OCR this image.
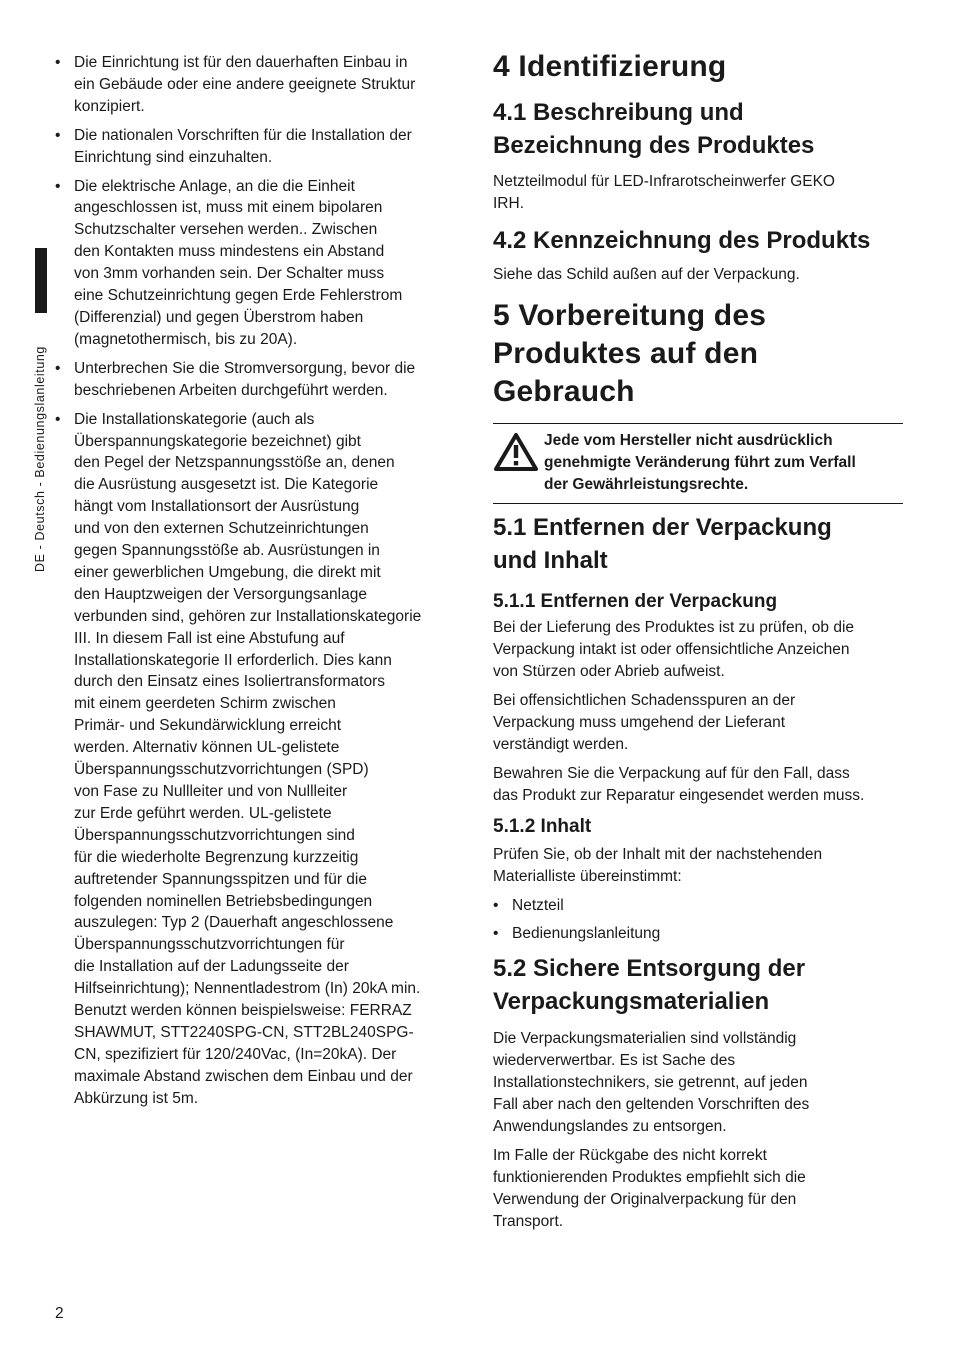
DE - Deutsch - Bedienungslanleitung
• Die Einrichtung ist für den dauerhaften Einbau in
ein Gebäude oder eine andere geeignete Struktur
konzipiert.
• Die nationalen Vorschriften für die Installation der
Einrichtung sind einzuhalten.
• Die elektrische Anlage, an die die Einheit
angeschlossen ist, muss mit einem bipolaren
Schutzschalter versehen werden.. Zwischen
den Kontakten muss mindestens ein Abstand
von 3mm vorhanden sein. Der Schalter muss
eine Schutzeinrichtung gegen Erde Fehlerstrom
(Differenzial) und gegen Überstrom haben
(magnetothermisch, bis zu 20A).
• Unterbrechen Sie die Stromversorgung, bevor die
beschriebenen Arbeiten durchgeführt werden.
• Die Installationskategorie (auch als
Überspannungskategorie bezeichnet) gibt
den Pegel der Netzspannungsstöße an, denen
die Ausrüstung ausgesetzt ist. Die Kategorie
hängt vom Installationsort der Ausrüstung
und von den externen Schutzeinrichtungen
gegen Spannungsstöße ab. Ausrüstungen in
einer gewerblichen Umgebung, die direkt mit
den Hauptzweigen der Versorgungsanlage
verbunden sind, gehören zur Installationskategorie
III. In diesem Fall ist eine Abstufung auf
Installationskategorie II erforderlich. Dies kann
durch den Einsatz eines Isoliertransformators
mit einem geerdeten Schirm zwischen
Primär- und Sekundärwicklung erreicht
werden. Alternativ können UL-gelistete
Überspannungsschutzvorrichtungen (SPD)
von Fase zu Nullleiter und von Nullleiter
zur Erde geführt werden. UL-gelistete
Überspannungsschutzvorrichtungen sind
für die wiederholte Begrenzung kurzzeitig
auftretender Spannungsspitzen und für die
folgenden nominellen Betriebsbedingungen
auszulegen: Typ 2 (Dauerhaft angeschlossene
Überspannungsschutzvorrichtungen für
die Installation auf der Ladungsseite der
Hilfseinrichtung); Nennentladestrom (In) 20kA min.
Benutzt werden können beispielsweise: FERRAZ
SHAWMUT, STT2240SPG-CN, STT2BL240SPG-
CN, spezifiziert für 120/240Vac, (In=20kA). Der
maximale Abstand zwischen dem Einbau und der
Abkürzung ist 5m.
4 Identifizierung
4.1 Beschreibung und
Bezeichnung des Produktes

Netzteilmodul für LED-Infrarotscheinwerfer GEKO
IRH.

4.2 Kennzeichnung des Produkts

Siehe das Schild außen auf der Verpackung.

5 Vorbereitung des
Produktes auf den
Gebrauch
Jede vom Hersteller nicht ausdrücklich
genehmigte Veränderung führt zum Verfall
der Gewährleistungsrechte.
5.1 Entfernen der Verpackung
und Inhalt
5.1.1 Entfernen der Verpackung

Bei der Lieferung des Produktes ist zu prüfen, ob die
Verpackung intakt ist oder offensichtliche Anzeichen
von Stürzen oder Abrieb aufweist.

Bei offensichtlichen Schadensspuren an der
Verpackung muss umgehend der Lieferant
verständigt werden.

Bewahren Sie die Verpackung auf für den Fall, dass
das Produkt zur Reparatur eingesendet werden muss.

5.1.2 Inhalt

Prüfen Sie, ob der Inhalt mit der nachstehenden
Materialliste übereinstimmt:

• Netzteil
• Bedienungslanleitung
5.2 Sichere Entsorgung der
Verpackungsmaterialien

Die Verpackungsmaterialien sind vollständig
wiederverwertbar. Es ist Sache des
Installationstechnikers, sie getrennt, auf jeden
Fall aber nach den geltenden Vorschriften des
Anwendungslandes zu entsorgen.

Im Falle der Rückgabe des nicht korrekt
funktionierenden Produktes empfiehlt sich die
Verwendung der Originalverpackung für den
Transport.

2
